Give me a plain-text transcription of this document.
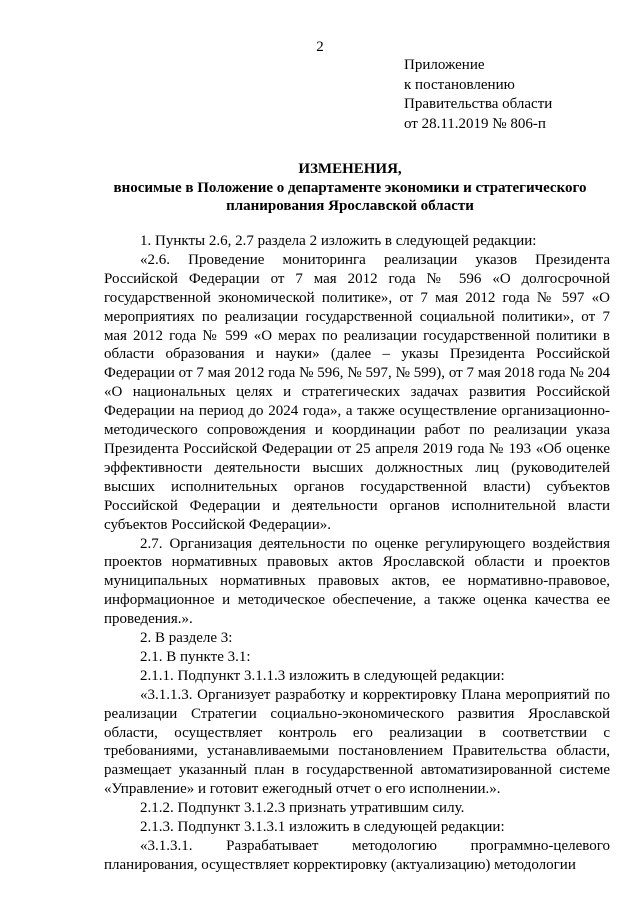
2
Приложение
к постановлению
Правительства области
от 28.11.2019 № 806-п
ИЗМЕНЕНИЯ,
вносимые в Положение о департаменте экономики и стратегического
планирования Ярославской области

1. Пункты 2.6, 2.7 раздела 2 изложить в следующей редакции:

«2.6. Проведение мониторинга реализации указов Президента Российской Федерации от 7 мая 2012 года № 596 «О долгосрочной государственной экономической политике», от 7 мая 2012 года № 597 «О мероприятиях по реализации государственной социальной политики», от 7 мая 2012 года № 599 «О мерах по реализации государственной политики в области образования и науки» (далее – указы Президента Российской Федерации от 7 мая 2012 года № 596, № 597, № 599), от 7 мая 2018 года № 204 «О национальных целях и стратегических задачах развития Российской Федерации на период до 2024 года», а также осуществление организационно-методического сопровождения и координации работ по реализации указа Президента Российской Федерации от 25 апреля 2019 года № 193 «Об оценке эффективности деятельности высших должностных лиц (руководителей высших исполнительных органов государственной власти) субъектов Российской Федерации и деятельности органов исполнительной власти субъектов Российской Федерации».

2.7. Организация деятельности по оценке регулирующего воздействия проектов нормативных правовых актов Ярославской области и проектов муниципальных нормативных правовых актов, ее нормативно-правовое, информационное и методическое обеспечение, а также оценка качества ее проведения.».

2. В разделе 3:

2.1. В пункте 3.1:

2.1.1. Подпункт 3.1.1.3 изложить в следующей редакции:

«3.1.1.3. Организует разработку и корректировку Плана мероприятий по реализации Стратегии социально-экономического развития Ярославской области, осуществляет контроль его реализации в соответствии с требованиями, устанавливаемыми постановлением Правительства области, размещает указанный план в государственной автоматизированной системе «Управление» и готовит ежегодный отчет о его исполнении.».

2.1.2. Подпункт 3.1.2.3 признать утратившим силу.

2.1.3. Подпункт 3.1.3.1 изложить в следующей редакции:

«3.1.3.1. Разрабатывает методологию программно-целевого планирования, осуществляет корректировку (актуализацию) методологии
